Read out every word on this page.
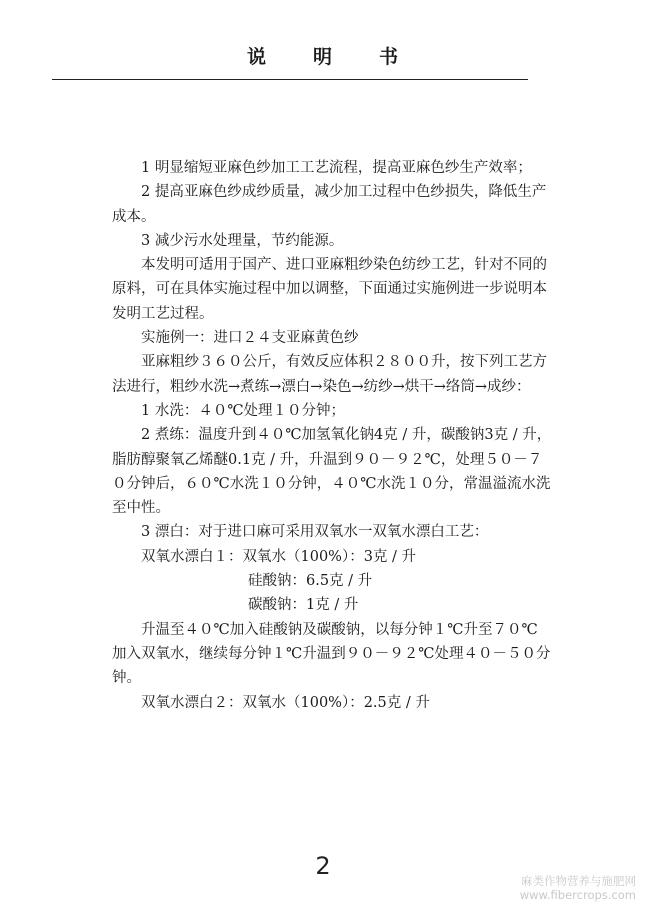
说 明 书

1 明显缩短亚麻色纱加工工艺流程，提高亚麻色纱生产效率；

2 提高亚麻色纱成纱质量，减少加工过程中色纱损失，降低生产成本。

3 减少污水处理量，节约能源。

本发明可适用于国产、进口亚麻粗纱染色纺纱工艺，针对不同的原料，可在具体实施过程中加以调整，下面通过实施例进一步说明本发明工艺过程。

实施例一：进口２４支亚麻黄色纱

亚麻粗纱３６０公斤，有效反应体积２８００升，按下列工艺方法进行，粗纱水洗→煮练→漂白→染色→纺纱→烘干→络筒→成纱：

1 水洗：４０℃处理１０分钟；

2 煮练：温度升到４０℃加氢氧化钠4克 / 升，碳酸钠3克 / 升，脂肪醇聚氧乙烯醚0.1克 / 升，升温到９０－９２℃，处理５０－７０分钟后，６０℃水洗１０分钟，４０℃水洗１０分，常温溢流水洗至中性。

3 漂白：对于进口麻可采用双氧水一双氧水漂白工艺：

双氧水漂白１：双氧水（100%）：3克 / 升

硅酸钠：6.5克 / 升

碳酸钠：1克 / 升

升温至４０℃加入硅酸钠及碳酸钠，以每分钟１℃升至７０℃加入双氧水，继续每分钟１℃升温到９０－９２℃处理４０－５０分钟。

双氧水漂白２：双氧水（100%）：2.5克 / 升

2
麻类作物营养与施肥网
www.fibercrops.com
